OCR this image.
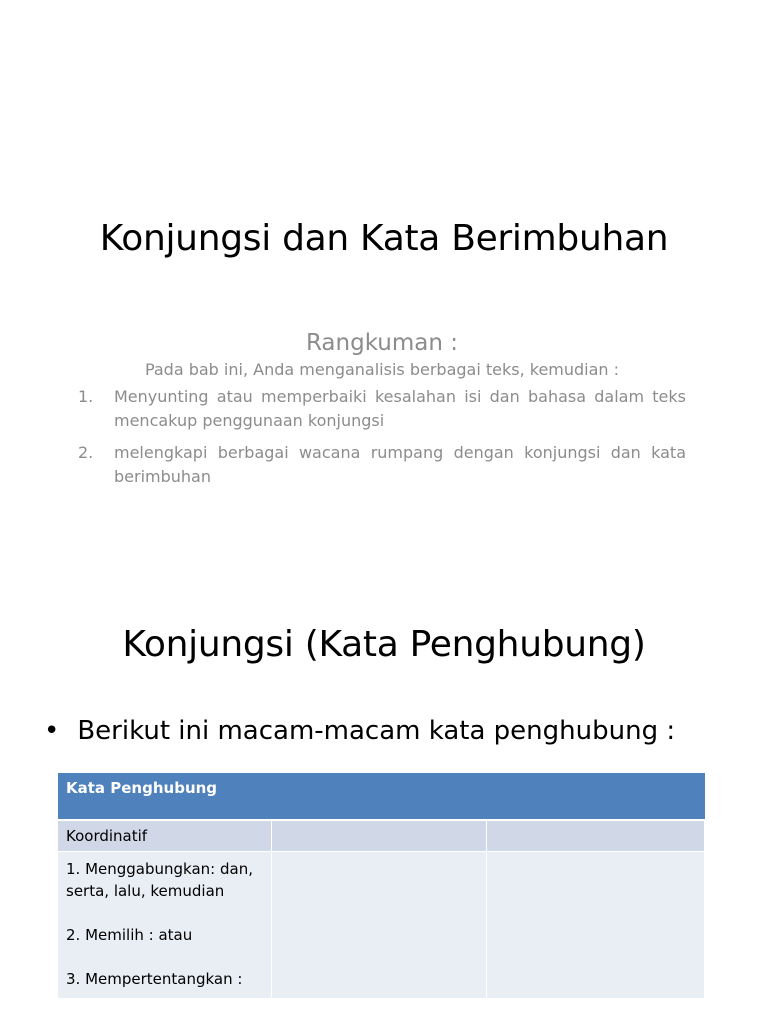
Konjungsi dan Kata Berimbuhan
Rangkuman :
Pada bab ini, Anda menganalisis berbagai teks, kemudian :
1.	Menyunting atau memperbaiki kesalahan isi dan bahasa dalam teks mencakup penggunaan konjungsi
2.	melengkapi berbagai wacana rumpang dengan konjungsi dan kata berimbuhan
Konjungsi (Kata Penghubung)
• Berikut ini macam-macam kata penghubung :
Kata Penghubung		
Koordinatif		

1. Menggabungkan: dan,
serta, lalu, kemudian
2. Memilih : atau
3. Mempertentangkan :		
